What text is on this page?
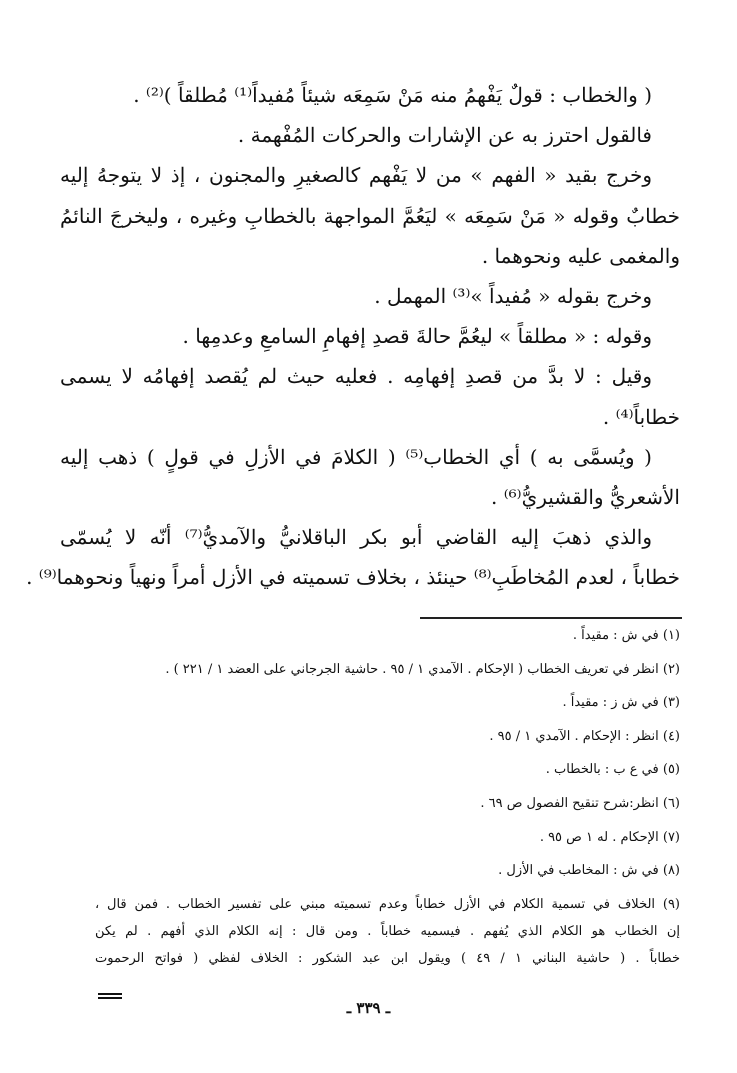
( والخطاب : قولٌ يَفْهمُ منه مَنْ سَمِعَه شيئاً مُفيداً⁽¹⁾ مُطلقاً )⁽²⁾ .
فالقول احترز به عن الإشارات والحركات المُفْهمة .
وخرج بقيد « الفهم » من لا يَفْهم كالصغيرِ والمجنون ، إذ لا يتوجهُ إليه
خطابٌ وقوله « مَنْ سَمِعَه » ليَعُمَّ المواجهة بالخطابِ وغيره ، وليخرجَ النائمُ
والمغمى عليه ونحوهما .
وخرج بقوله « مُفيداً »⁽³⁾ المهمل .
وقوله : « مطلقاً » ليعُمَّ حالةَ قصدِ إفهامِ السامعِ وعدمِها .
وقيل : لا بدَّ من قصدِ إفهامِه . فعليه حيث لم يُقصد إفهامُه لا يسمى
خطاباً⁽⁴⁾ .
( ويُسمَّى به ) أي الخطاب⁽⁵⁾ ( الكلامَ في الأزلِ في قولٍ ) ذهب إليه
الأشعريُّ والقشيريُّ⁽⁶⁾ .
والذي ذهبَ إليه القاضي أبو بكر الباقلانيُّ والآمديُّ⁽⁷⁾ أنّه لا يُسمّى
خطاباً ، لعدم المُخاطَبِ⁽⁸⁾ حينئذ ، بخلاف تسميته في الأزل أمراً ونهياً ونحوهما⁽⁹⁾ .
(١) في ش : مقيداً .
(٢) انظر في تعريف الخطاب ( الإحكام . الآمدي ١ / ٩٥ . حاشية الجرجاني على العضد ١ / ٢٢١ ) .
(٣) في ش ز : مقيداً .
(٤) انظر : الإحكام . الآمدي ١ / ٩٥ .
(٥) في ع ب : بالخطاب .
(٦) انظر:شرح تنقيح الفصول ص ٦٩ .
(٧) الإحكام . له ١ ص ٩٥ .
(٨) في ش : المخاطب في الأزل .
(٩) الخلاف في تسمية الكلام في الأزل خطاباً وعدم تسميته مبني على تفسير الخطاب . فمن قال ،
إن الخطاب هو الكلام الذي يُفهم . فيسميه خطاباً . ومن قال : إنه الكلام الذي أفهم . لم يكن
خطاباً . ( حاشية البناني ١ / ٤٩ ) ويقول ابن عبد الشكور : الخلاف لفظي ( فواتح الرحموت
ـ ٣٣٩ ـ
